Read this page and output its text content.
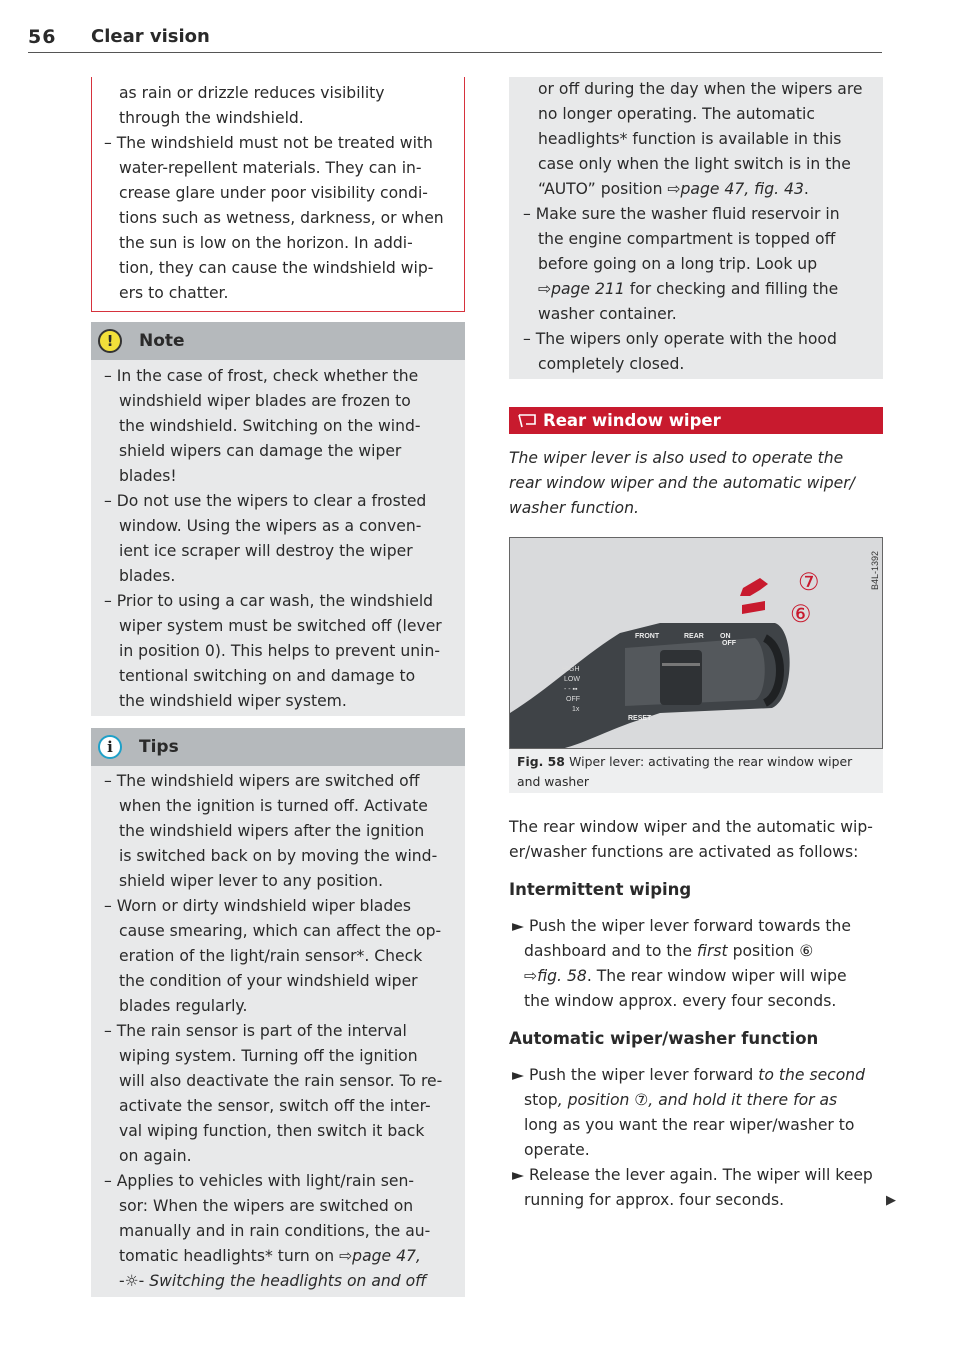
56 Clear vision
!	Note
i	Tips
Rear window wiper
FRONT	REAR ON
OFF
HIGH
LOW
- - ▪▪
OFF
1x
RESET
⑦
⑥
B4L-1392
Fig. 58 Wiper lever: activating the rear window wiper
and washer
Intermittent wiping
Automatic wiper/washer function
▶
as rain or drizzle reduces visibility
through the windshield.
– The windshield must not be treated with
water-repellent materials. They can in-
crease glare under poor visibility condi-
tions such as wetness, darkness, or when
the sun is low on the horizon. In addi-
tion, they can cause the windshield wip-
ers to chatter.
– In the case of frost, check whether the
windshield wiper blades are frozen to
the windshield. Switching on the wind-
shield wipers can damage the wiper
blades!
– Do not use the wipers to clear a frosted
window. Using the wipers as a conven-
ient ice scraper will destroy the wiper
blades.
– Prior to using a car wash, the windshield
wiper system must be switched off (lever
in position 0). This helps to prevent unin-
tentional switching on and damage to
the windshield wiper system.
– The windshield wipers are switched off
when the ignition is turned off. Activate
the windshield wipers after the ignition
is switched back on by moving the wind-
shield wiper lever to any position.
– Worn or dirty windshield wiper blades
cause smearing, which can affect the op-
eration of the light/rain sensor*. Check
the condition of your windshield wiper
blades regularly.
– The rain sensor is part of the interval
wiping system. Turning off the ignition
will also deactivate the rain sensor. To re-
activate the sensor, switch off the inter-
val wiping function, then switch it back
on again.
– Applies to vehicles with light/rain sen-
sor: When the wipers are switched on
manually and in rain conditions, the au-
tomatic headlights* turn on ⇨page 47,
-☼- Switching the headlights on and off
or off during the day when the wipers are
no longer operating. The automatic
headlights* function is available in this
case only when the light switch is in the
“AUTO” position ⇨page 47, fig. 43.
– Make sure the washer fluid reservoir in
the engine compartment is topped off
before going on a long trip. Look up
⇨page 211 for checking and filling the
washer container.
– The wipers only operate with the hood
completely closed.
The wiper lever is also used to operate the
rear window wiper and the automatic wiper/
washer function.
The rear window wiper and the automatic wip-
er/washer functions are activated as follows:
► Push the wiper lever forward towards the
dashboard and to the first position ⑥
⇨fig. 58. The rear window wiper will wipe
the window approx. every four seconds.
► Push the wiper lever forward to the second
stop, position ⑦, and hold it there for as
long as you want the rear wiper/washer to
operate.
► Release the lever again. The wiper will keep
running for approx. four seconds.
